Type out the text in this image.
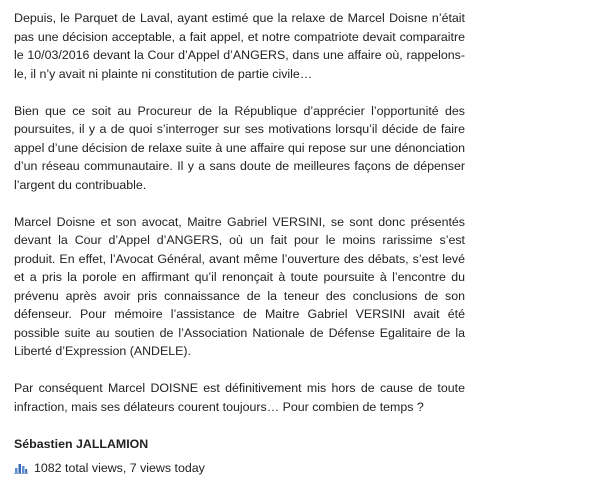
Depuis, le Parquet de Laval, ayant estimé que la relaxe de Marcel Doisne n’était pas une décision acceptable, a fait appel, et notre compatriote devait comparaitre le 10/03/2016 devant la Cour d’Appel d’ANGERS, dans une affaire où, rappelons-le, il n’y avait ni plainte ni constitution de partie civile…

Bien que ce soit au Procureur de la République d’apprécier l’opportunité des poursuites, il y a de quoi s’interroger sur ses motivations lorsqu’il décide de faire appel d’une décision de relaxe suite à une affaire qui repose sur une dénonciation d’un réseau communautaire. Il y a sans doute de meilleures façons de dépenser l’argent du contribuable.

Marcel Doisne et son avocat, Maitre Gabriel VERSINI, se sont donc présentés devant la Cour d’Appel d’ANGERS, où un fait pour le moins rarissime s’est produit. En effet, l’Avocat Général, avant même l’ouverture des débats, s’est levé et a pris la porole en affirmant qu’il renonçait à toute poursuite à l’encontre du prévenu après avoir pris connaissance de la teneur des conclusions de son défenseur. Pour mémoire l’assistance de Maitre Gabriel VERSINI avait été possible suite au soutien de l’Association Nationale de Défense Egalitaire de la Liberté d’Expression (ANDELE).

Par conséquent Marcel DOISNE est définitivement mis hors de cause de toute infraction, mais ses délateurs courent toujours… Pour combien de temps ?

Sébastien JALLAMION

1082 total views, 7 views today
